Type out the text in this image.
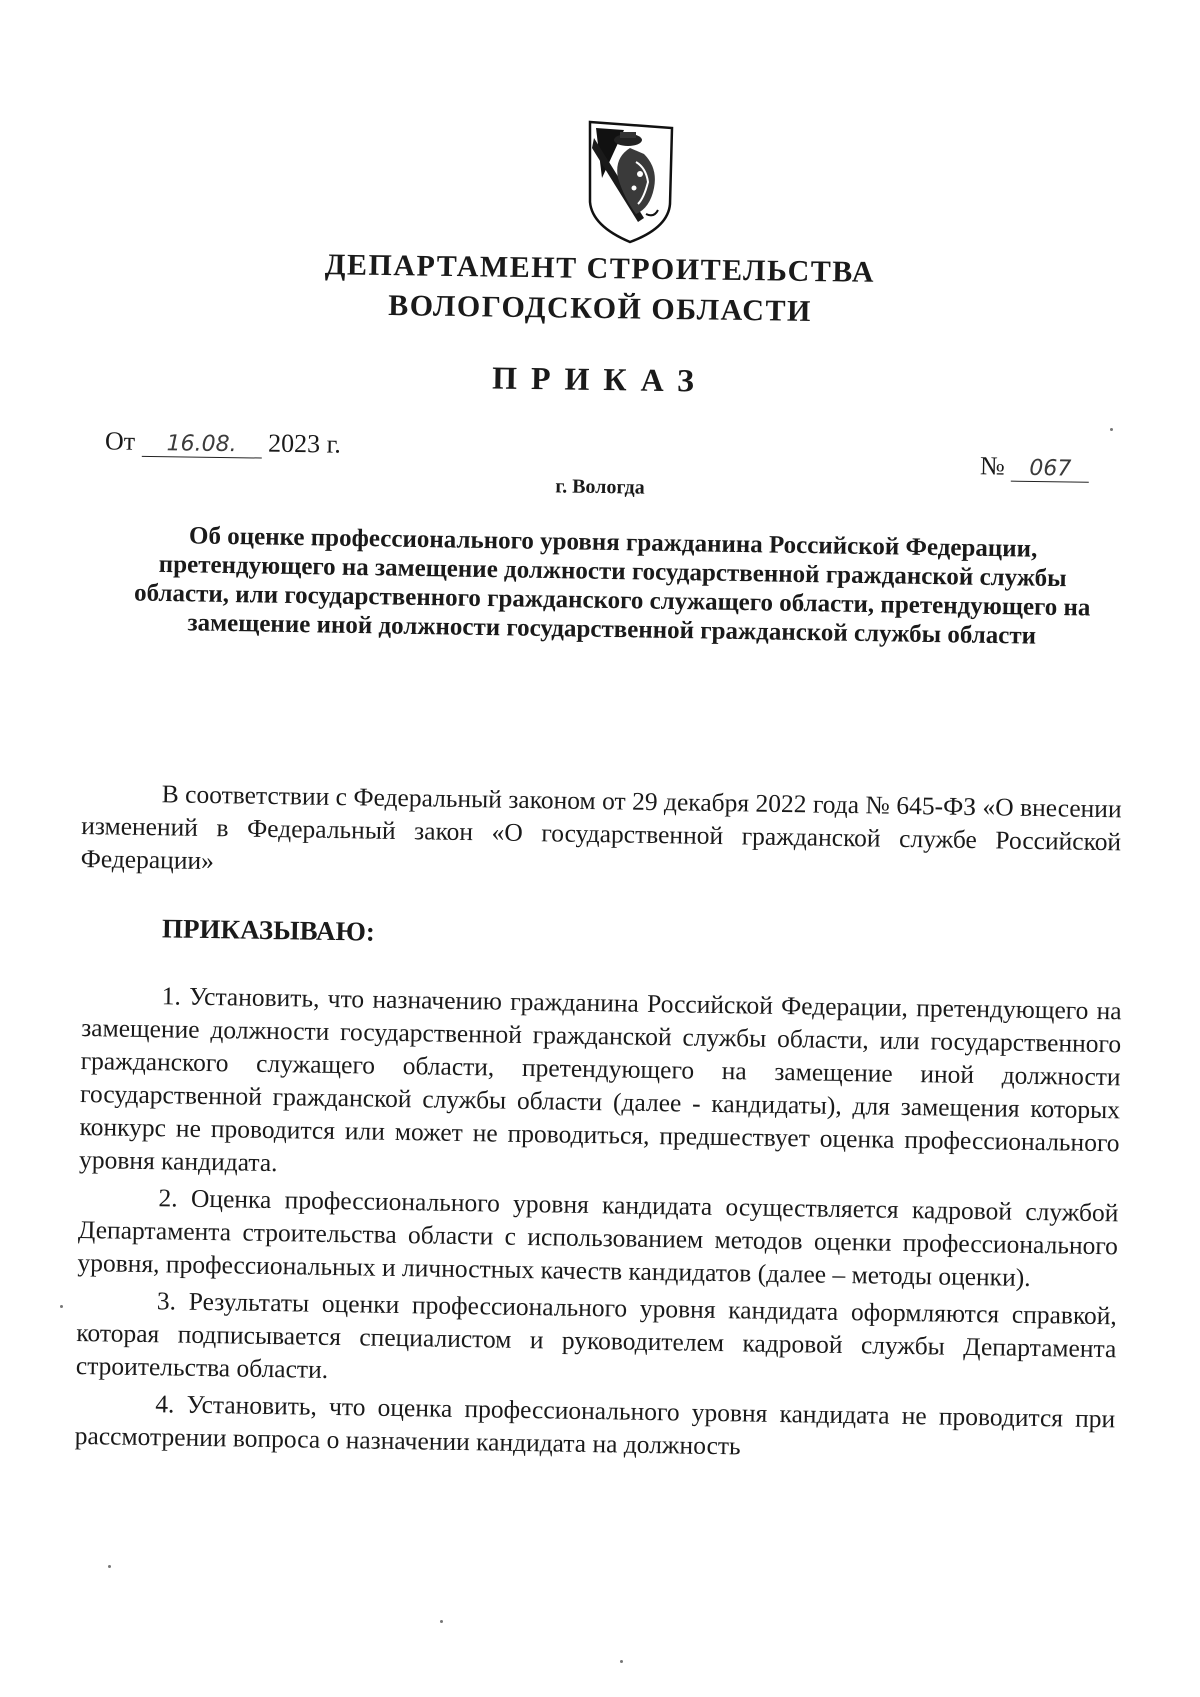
ДЕПАРТАМЕНТ СТРОИТЕЛЬСТВА
ВОЛОГОДСКОЙ ОБЛАСТИ
ПРИКАЗ
От 16.08. 2023 г.
№ 067
г. Вологда
Об оценке профессионального уровня гражданина Российской Федерации, претендующего на замещение должности государственной гражданской службы области, или государственного гражданского служащего области, претендующего на замещение иной должности государственной гражданской службы области
В соответствии с Федеральный законом от 29 декабря 2022 года № 645-ФЗ «О внесении изменений в Федеральный закон «О государственной гражданской службе Российской Федерации»
ПРИКАЗЫВАЮ:

1. Установить, что назначению гражданина Российской Федерации, претендующего на замещение должности государственной гражданской службы области, или государственного гражданского служащего области, претендующего на замещение иной должности государственной гражданской службы области (далее - кандидаты), для замещения которых конкурс не проводится или может не проводиться, предшествует оценка профессионального уровня кандидата.

2. Оценка профессионального уровня кандидата осуществляется кадровой службой Департамента строительства области с использованием методов оценки профессионального уровня, профессиональных и личностных качеств кандидатов (далее – методы оценки).

3. Результаты оценки профессионального уровня кандидата оформляются справкой, которая подписывается специалистом и руководителем кадровой службы Департамента строительства области.

4. Установить, что оценка профессионального уровня кандидата не проводится при рассмотрении вопроса о назначении кандидата на должность
